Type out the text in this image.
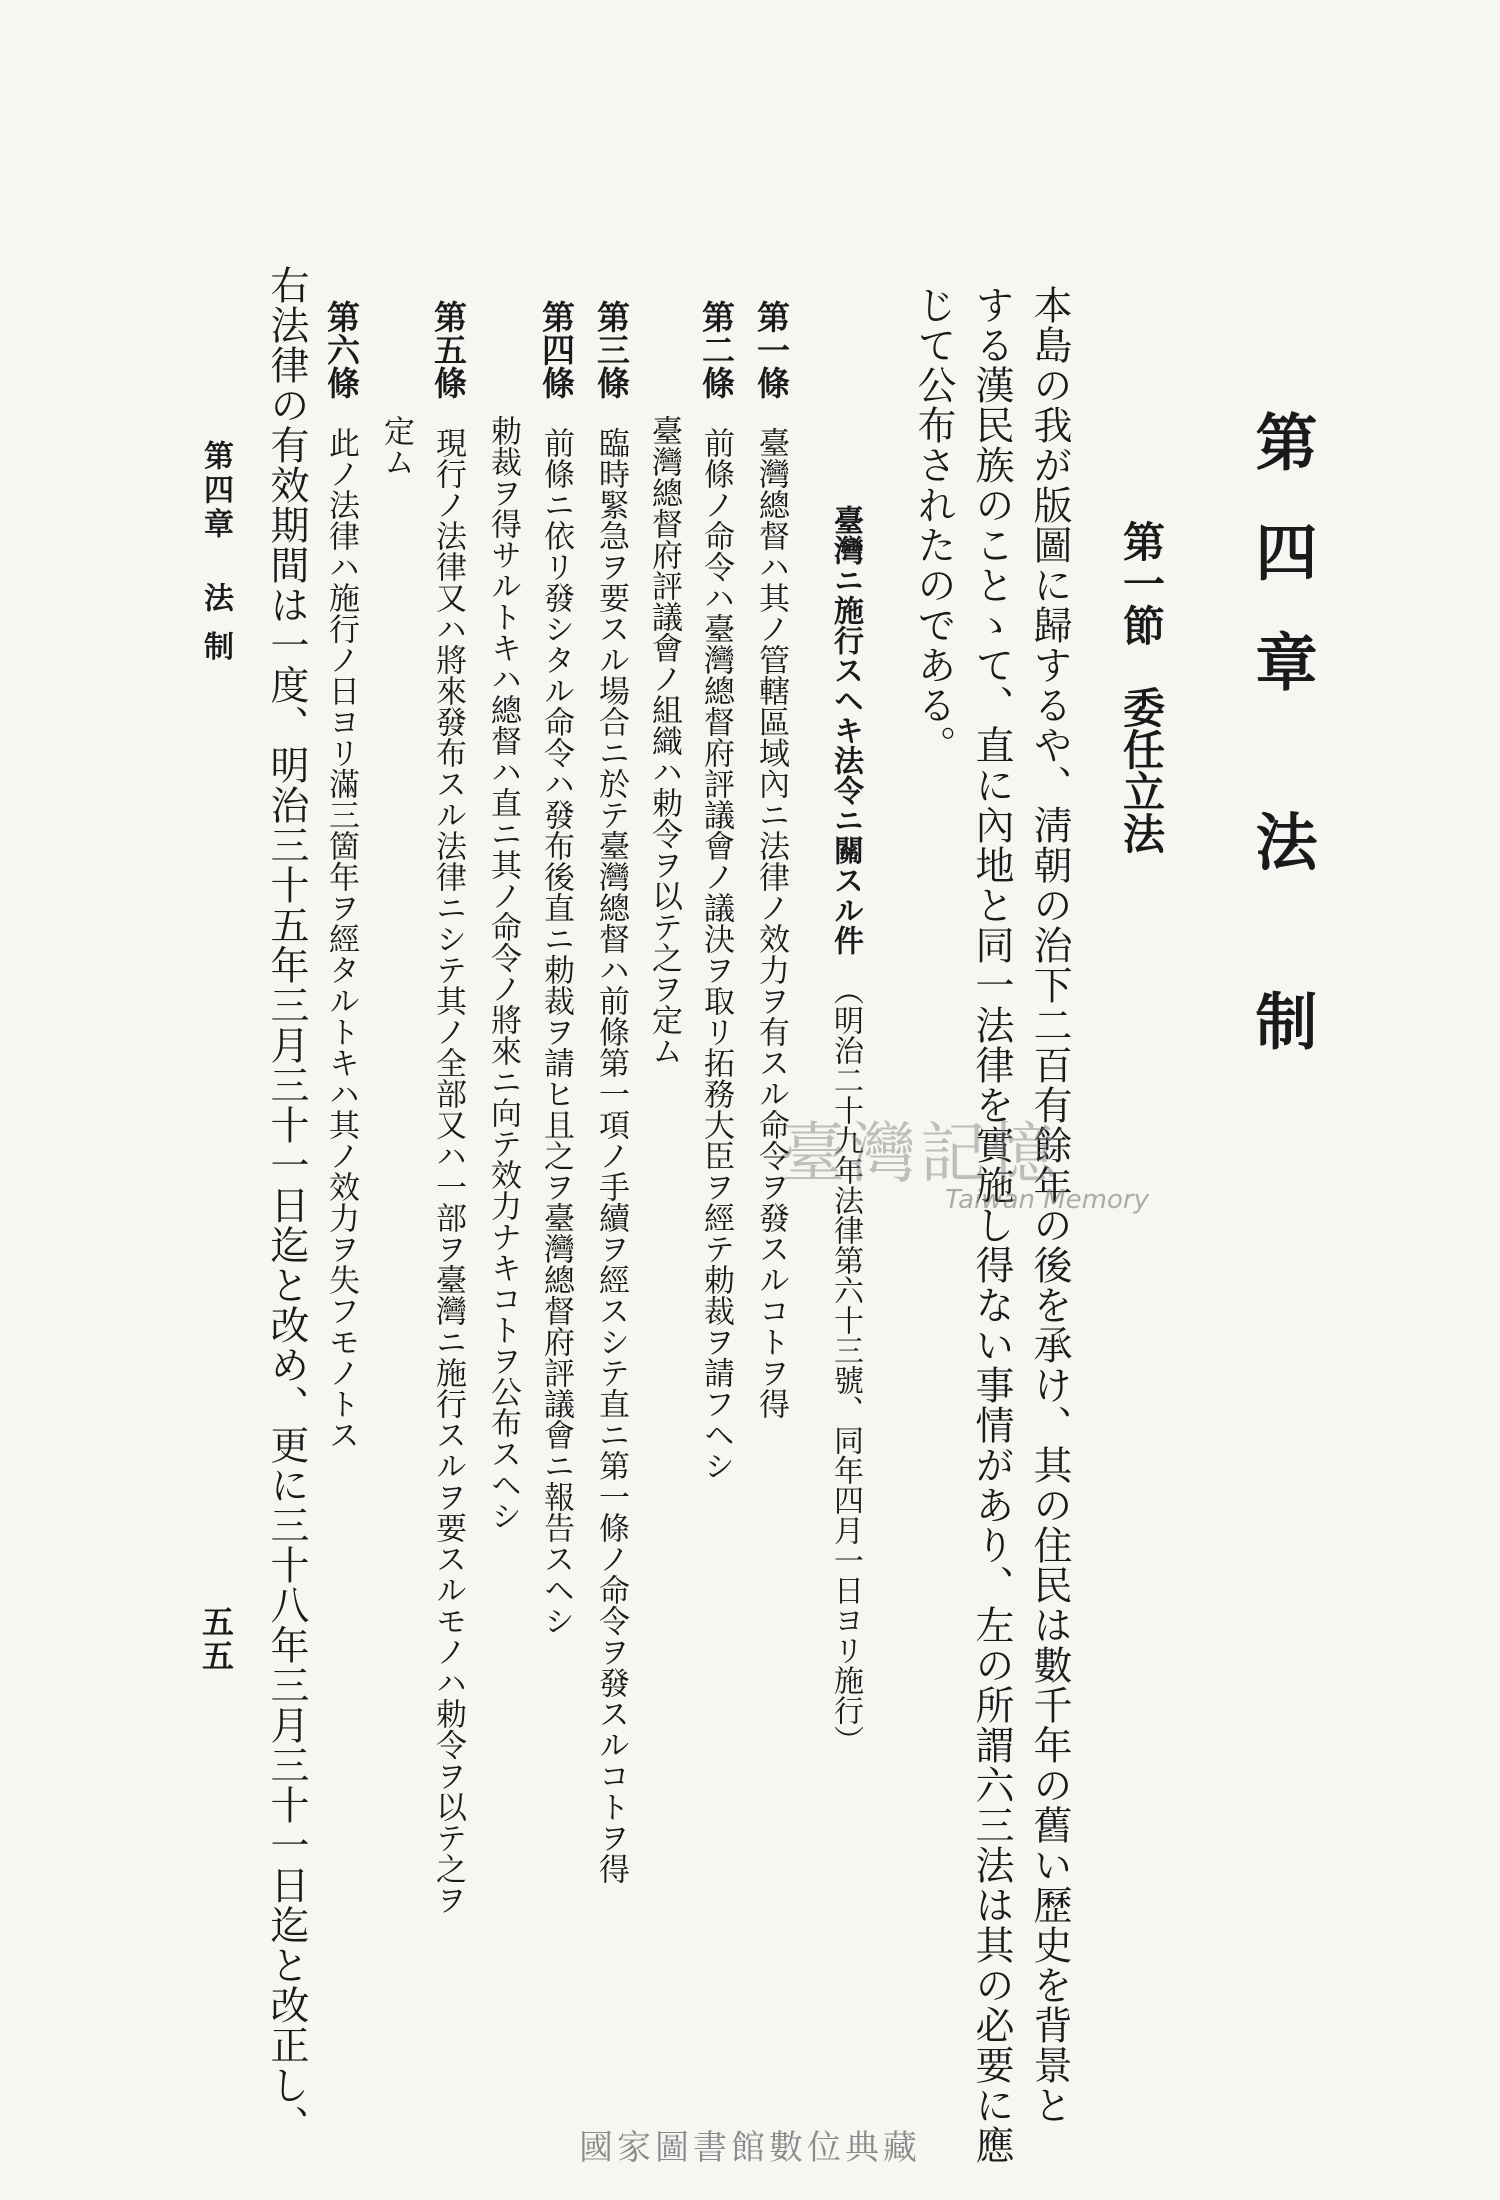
第四章 法 制
第一節委任立法
本島の我が版圖に歸するや、淸朝の治下二百有餘年の後を承け、其の住民は數千年の舊い歷史を背景と
する漢民族のことゝて、直に內地と同一法律を實施し得ない事情があり、左の所謂六三法は其の必要に應
じて公布されたのである。
臺灣ニ施行スヘキ法令ニ關スル件（明治二十九年法律第六十三號、同年四月一日ヨリ施行）
第一條臺灣總督ハ其ノ管轄區域內ニ法律ノ效力ヲ有スル命令ヲ發スルコトヲ得
第二條前條ノ命令ハ臺灣總督府評議會ノ議決ヲ取リ拓務大臣ヲ經テ勅裁ヲ請フヘシ
臺灣總督府評議會ノ組織ハ勅令ヲ以テ之ヲ定ム
第三條臨時緊急ヲ要スル場合ニ於テ臺灣總督ハ前條第一項ノ手續ヲ經スシテ直ニ第一條ノ命令ヲ發スルコトヲ得
第四條前條ニ依リ發シタル命令ハ發布後直ニ勅裁ヲ請ヒ且之ヲ臺灣總督府評議會ニ報告スヘシ
勅裁ヲ得サルトキハ總督ハ直ニ其ノ命令ノ將來ニ向テ效力ナキコトヲ公布スヘシ
第五條現行ノ法律又ハ將來發布スル法律ニシテ其ノ全部又ハ一部ヲ臺灣ニ施行スルヲ要スルモノハ勅令ヲ以テ之ヲ
定ム
第六條此ノ法律ハ施行ノ日ヨリ滿三箇年ヲ經タルトキハ其ノ效力ヲ失フモノトス
右法律の有效期間は一度、明治三十五年三月三十一日迄と改め、更に三十八年三月三十一日迄と改正し、
第四章法 制
五五
臺灣記憶
Taiwan Memory
國家圖書館數位典藏
